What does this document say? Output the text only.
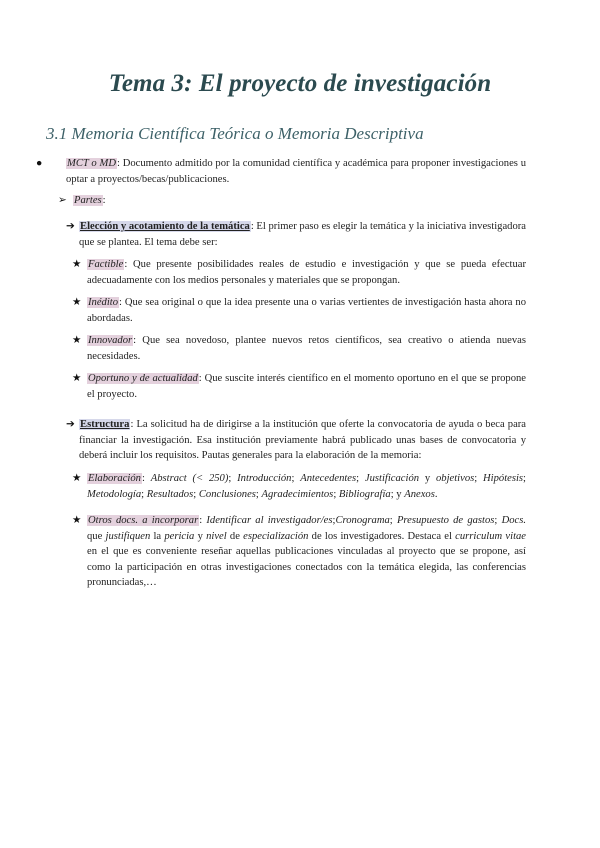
Tema 3: El proyecto de investigación
3.1 Memoria Científica Teórica o Memoria Descriptiva
● MCT o MD: Documento admitido por la comunidad científica y académica para proponer investigaciones u optar a proyectos/becas/publicaciones.
➢ Partes:
➔ Elección y acotamiento de la temática: El primer paso es elegir la temática y la iniciativa investigadora que se plantea. El tema debe ser:
★ Factible: Que presente posibilidades reales de estudio e investigación y que se pueda efectuar adecuadamente con los medios personales y materiales que se propongan.
★ Inédito: Que sea original o que la idea presente una o varias vertientes de investigación hasta ahora no abordadas.
★ Innovador: Que sea novedoso, plantee nuevos retos científicos, sea creativo o atienda nuevas necesidades.
★ Oportuno y de actualidad: Que suscite interés científico en el momento oportuno en el que se propone el proyecto.
➔ Estructura: La solicitud ha de dirigirse a la institución que oferte la convocatoria de ayuda o beca para financiar la investigación. Esa institución previamente habrá publicado unas bases de convocatoria y deberá incluir los requisitos. Pautas generales para la elaboración de la memoria:
★ Elaboración: Abstract (< 250); Introducción; Antecedentes; Justificación y objetivos; Hipótesis; Metodología; Resultados; Conclusiones; Agradecimientos; Bibliografía; y Anexos.
★ Otros docs. a incorporar: Identificar al investigador/es;Cronograma; Presupuesto de gastos; Docs. que justifiquen la pericia y nivel de especialización de los investigadores. Destaca el curriculum vitae en el que es conveniente reseñar aquellas publicaciones vinculadas al proyecto que se propone, así como la participación en otras investigaciones conectados con la temática elegida, las conferencias pronunciadas,…
